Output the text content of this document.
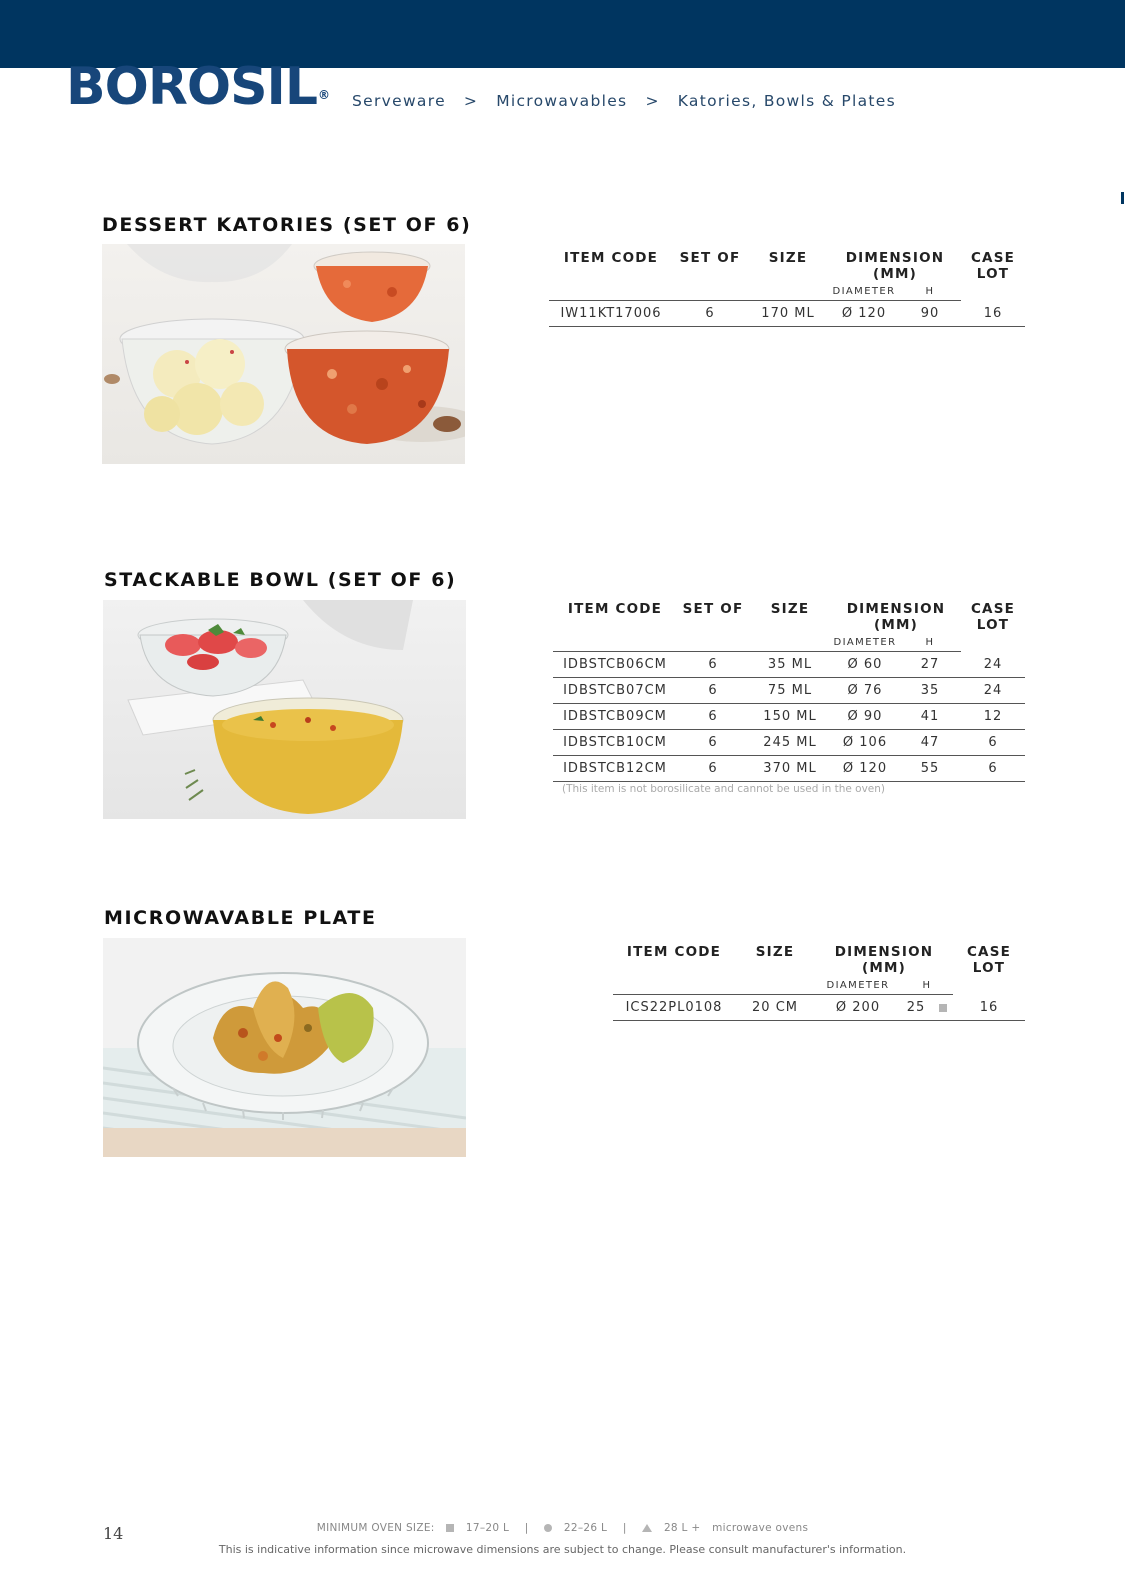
BOROSIL® Serveware > Microwavables > Katories, Bowls & Plates
DESSERT KATORIES (SET OF 6)
ITEM CODE	SET OF	SIZE	DIMENSION (MM)		CASE LOT
			DIAMETER	H	
IW11KT17006	6	170 ML	Ø 120	90	16
STACKABLE BOWL (SET OF 6)
ITEM CODE	SET OF	SIZE	DIMENSION (MM)		CASE LOT
			DIAMETER	H	
IDBSTCB06CM	6	35 ML	Ø 60	27	24
IDBSTCB07CM	6	75 ML	Ø 76	35	24
IDBSTCB09CM	6	150 ML	Ø 90	41	12
IDBSTCB10CM	6	245 ML	Ø 106	47	6
IDBSTCB12CM	6	370 ML	Ø 120	55	6
(This item is not borosilicate and cannot be used in the oven)
MICROWAVABLE PLATE
ITEM CODE	SIZE	DIMENSION (MM)		CASE LOT
		DIAMETER	H	
ICS22PL0108	20 CM	Ø 200	25	16
14	MINIMUM OVEN SIZE:	17–20 L |	22–26 L |	28 L + microwave ovens
This is indicative information since microwave dimensions are subject to change. Please consult manufacturer's information.
